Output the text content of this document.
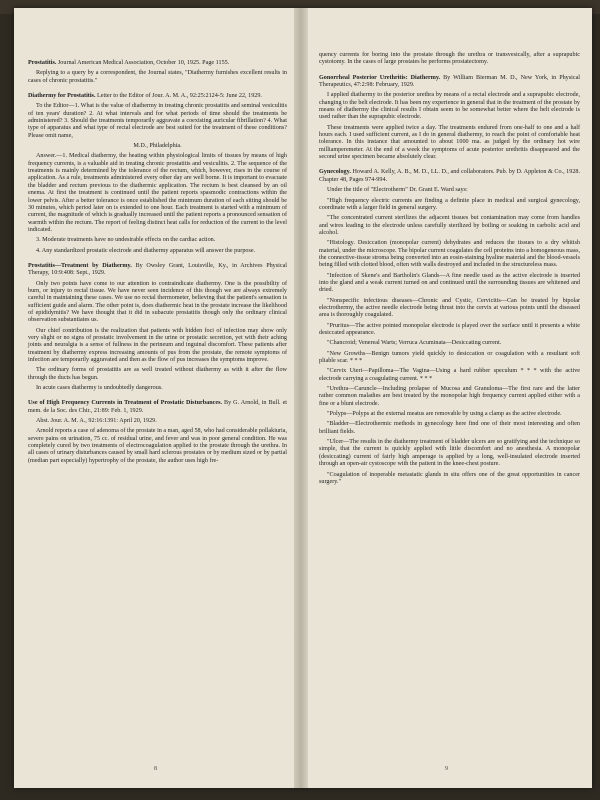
Prostatitis. Journal American Medical Association, October 10, 1925. Page 1155.

Replying to a query by a correspondent, the Journal states, "Diathermy furnishes excellent results in cases of chronic prostatitis."

Diathermy for Prostatitis. Letter to the Editor of Jour. A. M. A., 92:25:2124-5: June 22, 1929.

To the Editor—1. What is the value of diathermy in treating chronic prostatitis and seminal vesiculitis of ten years' duration? 2. At what intervals and for what periods of time should the treatments be administered? 3. Should the treatments temporarily aggravate a coexisting auricular fibrillation? 4. What type of apparatus and what type of rectal electrode are best suited for the treatment of these conditions? Please omit name,

M.D., Philadelphia.

Answer.—1. Medical diathermy, the heating within physiological limits of tissues by means of high frequency currents, is a valuable aid in treating chronic prostatitis and vesiculitis. 2. The sequence of the treatments is mainly determined by the tolerance of the rectum, which, however, rises in the course of application. As a rule, treatments administered every other day are well borne. It is important to evacuate the bladder and rectum previous to the diathermic application. The rectum is best cleansed by an oil enema. At first the treatment is continued until the patient reports spasmodic contractions within the lower pelvis. After a better tolerance is once established the minimum duration of each sitting should be 30 minutes, which period later on is extended to one hour. Each treatment is started with a minimum of current, the magnitude of which is gradually increased until the patient reports a pronounced sensation of warmth within the rectum. The report of feeling distinct heat calls for reduction of the current to the level indicated.

3. Moderate treatments have no undesirable effects on the cardiac action.

4. Any standardized prostatic electrode and diathermy apparatus will answer the purpose.

Prostatitis—Treatment by Diathermy. By Owsley Grant, Louisville, Ky., in Archives Physical Therapy, 10:9:408: Sept., 1929.

Only two points have come to our attention to contraindicate diathermy. One is the possibility of burn, or injury to rectal tissue. We have never seen incidence of this though we are always extremely careful in maintaining these cases. We use no rectal thermometer, believing that the patient's sensation is sufficient guide and alarm. The other point is, does diathermic heat in the prostate increase the likelihood of epididymitis? We have thought that it did in subacute prostatitis though only the ordinary clinical observation substantiates us.

Our chief contribution is the realization that patients with hidden foci of infection may show only very slight or no signs of prostatic involvement in the urine or prostatic secretion, yet with their aching joints and neuralgia is a sense of fullness in the perineum and inguinal discomfort. These patients after treatment by diathermy express increasing amounts of pus from the prostate, the remote symptoms of infection are temporarily aggravated and then as the flow of pus increases the symptoms improve.

The ordinary forms of prostatitis are as well treated without diathermy as with it after the flow through the ducts has begun.

In acute cases diathermy is undoubtedly dangerous.

Use of High Frequency Currents in Treatment of Prostatic Disturbances. By G. Arnold, in Bull. et mem. de la Soc. des Chir., 21:89: Feb. 1, 1929.

Abst. Jour. A. M. A., 92:16:1391: April 20, 1929.

Arnold reports a case of adenoma of the prostate in a man, aged 58, who had considerable pollakiuria, severe pains on urination, 75 cc. of residual urine, and fever and was in poor general condition. He was completely cured by two treatments of electrocoagulation applied to the prostate through the urethra. In all cases of urinary disturbances caused by small hard sclerous prostates or by medium sized or by partial (median part especially) hypertrophy of the prostate, the author uses high fre-

8

quency currents for boring into the prostate through the urethra or transvesically, after a suprapubic cystotomy. In the cases of large prostates he performs prostatectomy.

Gonorrheal Posterior Urethritis: Diathermy. By William Bierman M. D., New York, in Physical Therapeutics, 47:2:98: February, 1929.

I applied diathermy to the posterior urethra by means of a rectal electrode and a suprapubic electrode, changing to the belt electrode. It has been my experience in general that in the treatment of the prostate by means of diathermy the clinical results I obtain seem to be somewhat better where the belt electrode is used rather than the suprapubic electrode.

These treatments were applied twice a day. The treatments endured from one-half to one and a half hours each. I used sufficient current, as I do in general diathermy, to reach the point of comfortable heat tolerance. In this instance that amounted to about 1000 ma. as judged by the ordinary hot wire milliamperemeter. At the end of a week the symptoms of acute posterior urethritis disappeared and the second urine specimen became absolutely clear.

Gynecology. Howard A. Kelly, A. B., M. D., LL. D., and collaborators. Pub. by D. Appleton & Co., 1928. Chapter 48, Pages 974-994.

Under the title of "Electrotherm" Dr. Grant E. Ward says:

"High frequency electric currents are finding a definite place in medical and surgical gynecology, coordinate with a larger field in general surgery.

"The concentrated current sterilizes the adjacent tissues but contamination may come from handles and wires leading to the electrode unless carefully sterilized by boiling or soaking in carbolic acid and alcohol.

"Histology. Desiccation (monopolar current) dehydrates and reduces the tissues to a dry whitish material, under the microscope. The bipolar current coagulates the cell proteins into a homogeneous mass, the connective-tissue stroma being converted into an eosin-staining hyaline material and the blood-vessels being filled with clotted blood, often with walls destroyed and included in the structureless mass.

"Infection of Skene's and Bartholin's Glands—A fine needle used as the active electrode is inserted into the gland and a weak current turned on and continued until the surrounding tissues are whitened and dried.

"Nonspecific infectious diseases—Chronic and Cystic, Cervicitis—Can be treated by bipolar electrothermy, the active needle electrode being thrust into the cervix at various points until the diseased area is thoroughly coagulated.

"Pruritus—The active pointed monopolar electrode is played over the surface until it presents a white desiccated appearance.

"Chancroid; Venereal Warts; Verruca Acuminata—Desiccating current.

"New Growths—Benign tumors yield quickly to desiccation or coagulation with a resultant soft pliable scar. * * *

"Cervix Uteri—Papilloma—The Vagina—Using a hard rubber speculum * * * with the active electrode carrying a coagulating current. * * *

"Urethra—Caruncle—Including prolapse of Mucosa and Granuloma—The first rare and the latter rather common maladies are best treated by the monopolar high frequency current applied either with a fine or a blunt electrode.

"Polyps—Polyps at the external meatus are removable by using a clamp as the active electrode.

"Bladder—Electrothermic methods in gynecology here find one of their most interesting and often brilliant fields.

"Ulcer—The results in the diathermy treatment of bladder ulcers are so gratifying and the technique so simple, that the current is quickly applied with little discomfort and no anesthesia. A monopolar (desiccating) current of fairly high amperage is applied by a long, well-insulated electrode inserted through an open-air cystoscope with the patient in the knee-chest posture.

"Coagulation of inoperable metastatic glands in situ offers one of the great opportunities in cancer surgery."

9
